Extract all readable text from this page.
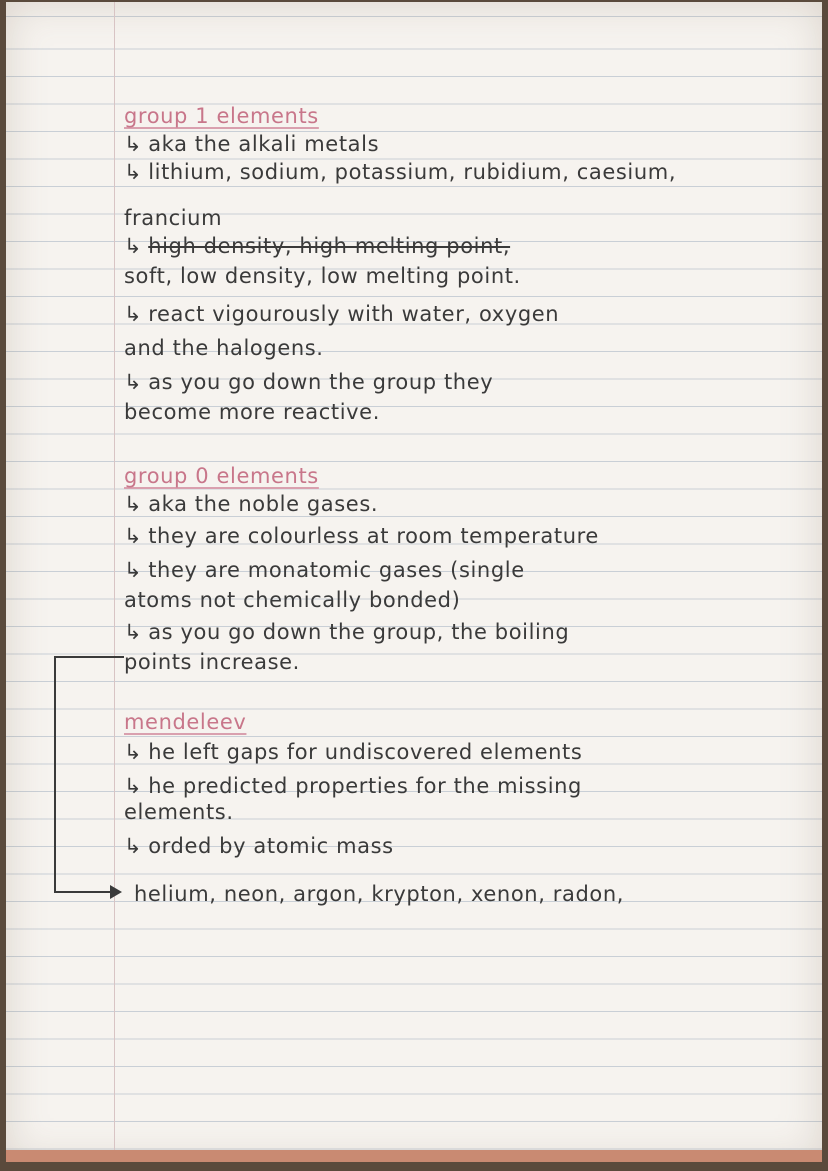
group 1 elements
↳ aka the alkali metals
↳ lithium, sodium, potassium, rubidium, caesium,
francium
↳ high density, high melting point,
soft, low density, low melting point.
↳ react vigourously with water, oxygen
and the halogens.
↳ as you go down the group they
become more reactive.
group 0 elements
↳ aka the noble gases.
↳ they are colourless at room temperature
↳ they are monatomic gases (single
atoms not chemically bonded)
↳ as you go down the group, the boiling
points increase.
mendeleev
↳ he left gaps for undiscovered elements
↳ he predicted properties for the missing
elements.
↳ orded by atomic mass
helium, neon, argon, krypton, xenon, radon,
